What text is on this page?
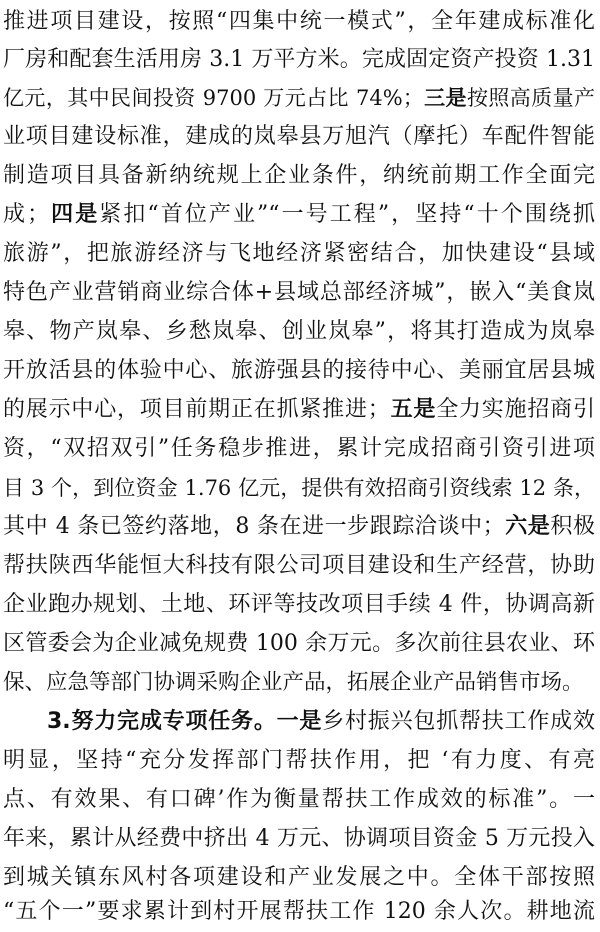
推进项目建设，按照“四集中统一模式”，全年建成标准化
厂房和配套生活用房 3.1 万平方米。完成固定资产投资 1.31
亿元，其中民间投资 9700 万元占比 74%；三是按照高质量产
业项目建设标准，建成的岚皋县万旭汽（摩托）车配件智能
制造项目具备新纳统规上企业条件，纳统前期工作全面完
成；四是紧扣“首位产业”“一号工程”，坚持“十个围绕抓
旅游”，把旅游经济与飞地经济紧密结合，加快建设“县域
特色产业营销商业综合体+县域总部经济城”，嵌入“美食岚
皋、物产岚皋、乡愁岚皋、创业岚皋”，将其打造成为岚皋
开放活县的体验中心、旅游强县的接待中心、美丽宜居县城
的展示中心，项目前期正在抓紧推进；五是全力实施招商引
资，“双招双引”任务稳步推进，累计完成招商引资引进项
目 3 个，到位资金 1.76 亿元，提供有效招商引资线索 12 条，
其中 4 条已签约落地，8 条在进一步跟踪洽谈中；六是积极
帮扶陕西华能恒大科技有限公司项目建设和生产经营，协助
企业跑办规划、土地、环评等技改项目手续 4 件，协调高新
区管委会为企业减免规费 100 余万元。多次前往县农业、环
保、应急等部门协调采购企业产品，拓展企业产品销售市场。
3.努力完成专项任务。一是乡村振兴包抓帮扶工作成效
明显，坚持“充分发挥部门帮扶作用，把 ‘有力度、有亮
点、有效果、有口碑’作为衡量帮扶工作成效的标准”。一
年来，累计从经费中挤出 4 万元、协调项目资金 5 万元投入
到城关镇东风村各项建设和产业发展之中。全体干部按照
“五个一”要求累计到村开展帮扶工作 120 余人次。耕地流
